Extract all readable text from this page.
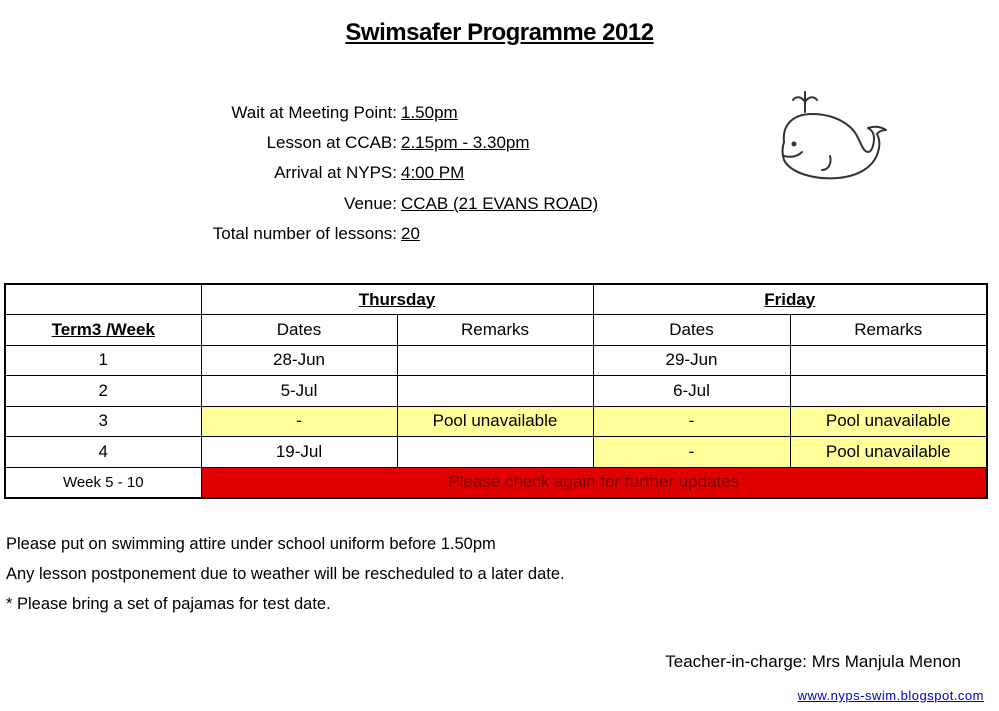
Swimsafer Programme 2012
Wait at Meeting Point: 1.50pm
Lesson at CCAB: 2.15pm - 3.30pm
Arrival at NYPS: 4:00 PM
Venue: CCAB (21 EVANS ROAD)
Total number of lessons: 20
	Thursday		Friday	
Term3 /Week	Dates	Remarks	Dates	Remarks
1	28-Jun		29-Jun	
2	5-Jul		6-Jul	
3	-	Pool unavailable	-	Pool unavailable
4	19-Jul		-	Pool unavailable
Week 5 - 10	Please check again for further updates			
Please put on swimming attire under school uniform before 1.50pm
Any lesson postponement due to weather will be rescheduled to a later date.
* Please bring a set of pajamas for test date.
Teacher-in-charge: Mrs Manjula Menon
www.nyps-swim.blogspot.com
